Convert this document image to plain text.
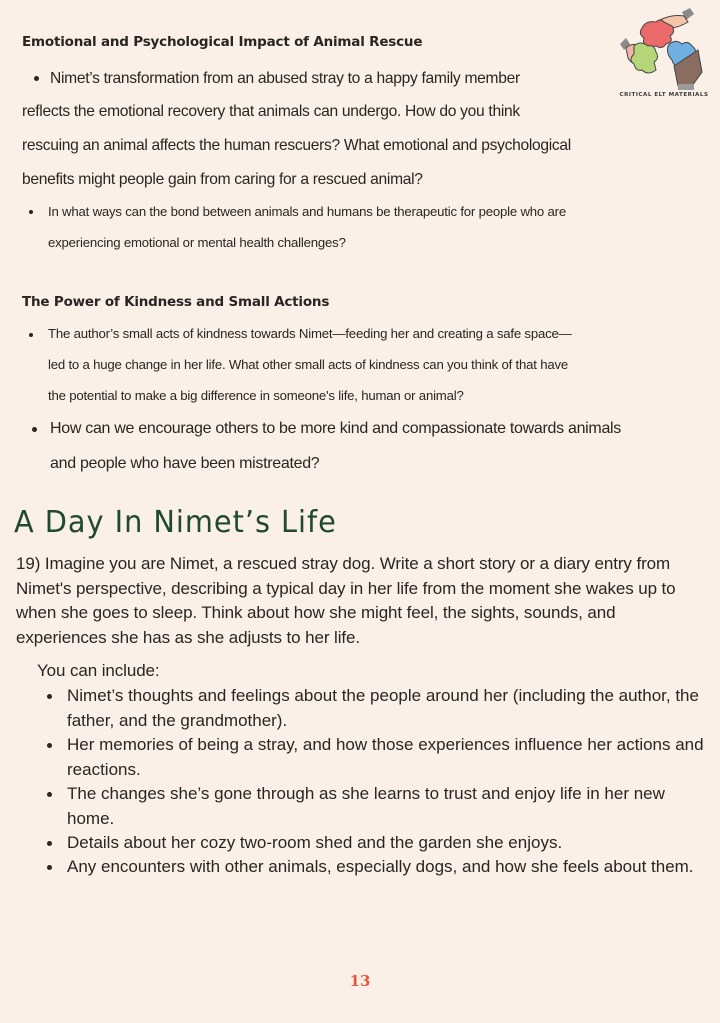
CRITICAL ELT MATERIALS
Emotional and Psychological Impact of Animal Rescue
Nimet’s transformation from an abused stray to a happy family member
reflects the emotional recovery that animals can undergo. How do you think
rescuing an animal affects the human rescuers? What emotional and psychological
benefits might people gain from caring for a rescued animal?
In what ways can the bond between animals and humans be therapeutic for people who are
experiencing emotional or mental health challenges?
The Power of Kindness and Small Actions
The author’s small acts of kindness towards Nimet—feeding her and creating a safe space—
led to a huge change in her life. What other small acts of kindness can you think of that have
the potential to make a big difference in someone's life, human or animal?
How can we encourage others to be more kind and compassionate towards animals
and people who have been mistreated?
A Day In Nimet’s Life
19) Imagine you are Nimet, a rescued stray dog. Write a short story or a diary entry from Nimet's perspective, describing a typical day in her life from the moment she wakes up to when she goes to sleep. Think about how she might feel, the sights, sounds, and experiences she has as she adjusts to her life.
You can include:
Nimet’s thoughts and feelings about the people around her (including the author, the father, and the grandmother).
Her memories of being a stray, and how those experiences influence her actions and reactions.
The changes she’s gone through as she learns to trust and enjoy life in her new home.
Details about her cozy two-room shed and the garden she enjoys.
Any encounters with other animals, especially dogs, and how she feels about them.
13
